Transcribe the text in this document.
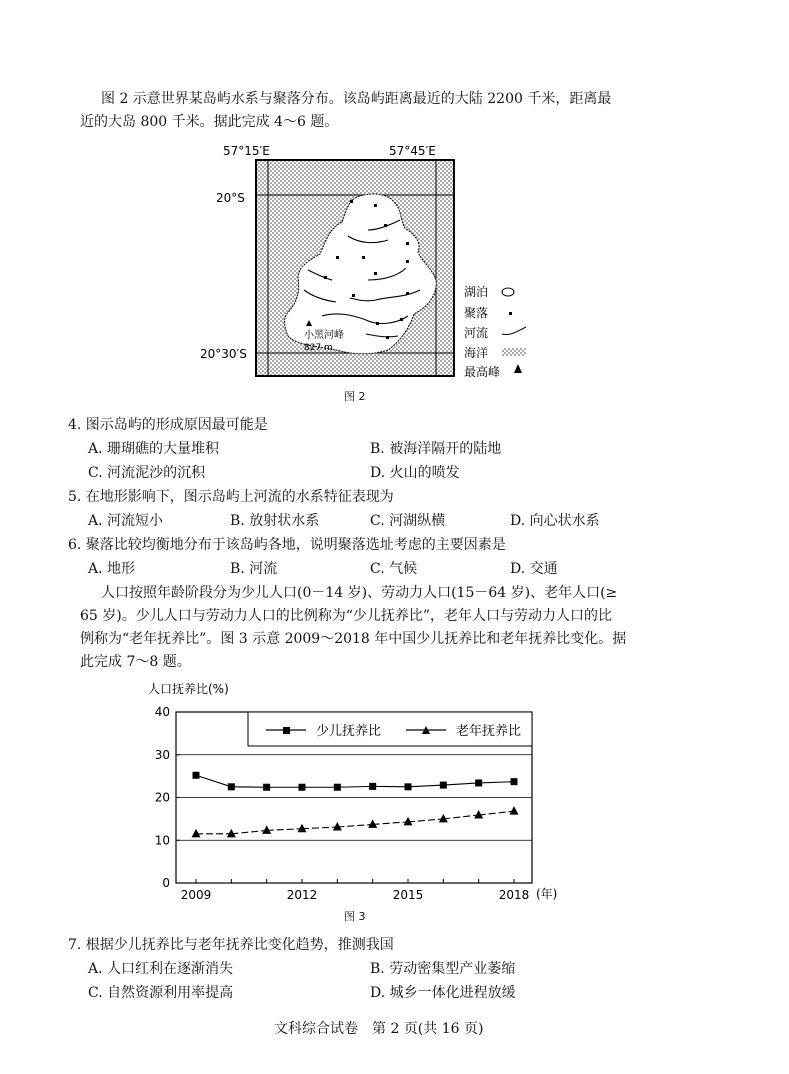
图 2 示意世界某岛屿水系与聚落分布。该岛屿距离最近的大陆 2200 千米，距离最
近的大岛 800 千米。据此完成 4～6 题。
57°15′E	57°45′E
20°S
20°30′S
小黑河峰
827 m
湖泊
聚落
河流
海洋
最高峰
图 2
4. 图示岛屿的形成原因最可能是
A. 珊瑚礁的大量堆积	B. 被海洋隔开的陆地
C. 河流泥沙的沉积	D. 火山的喷发
5. 在地形影响下，图示岛屿上河流的水系特征表现为
A. 河流短小	B. 放射状水系	C. 河湖纵横	D. 向心状水系
6. 聚落比较均衡地分布于该岛屿各地，说明聚落选址考虑的主要因素是
A. 地形	B. 河流	C. 气候	D. 交通
人口按照年龄阶段分为少儿人口(0－14 岁)、劳动力人口(15－64 岁)、老年人口(≥
65 岁)。少儿人口与劳动力人口的比例称为“少儿抚养比”，老年人口与劳动力人口的比
例称为“老年抚养比”。图 3 示意 2009～2018 年中国少儿抚养比和老年抚养比变化。据
此完成 7～8 题。
人口抚养比(%)
0
10
20
30
40
2009	2012	2015	2018 (年)
少儿抚养比	老年抚养比
图 3
7. 根据少儿抚养比与老年抚养比变化趋势，推测我国
A. 人口红利在逐渐消失	B. 劳动密集型产业萎缩
C. 自然资源利用率提高	D. 城乡一体化进程放缓
文科综合试卷　第 2 页(共 16 页)
